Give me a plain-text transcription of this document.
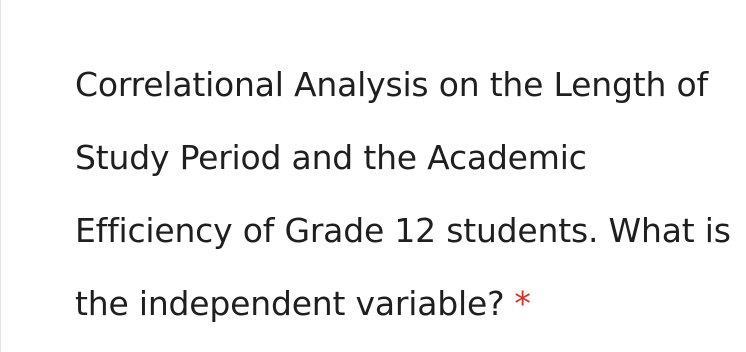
Correlational Analysis on the Length of Study Period and the Academic Efficiency of Grade 12 students. What is the independent variable? *
